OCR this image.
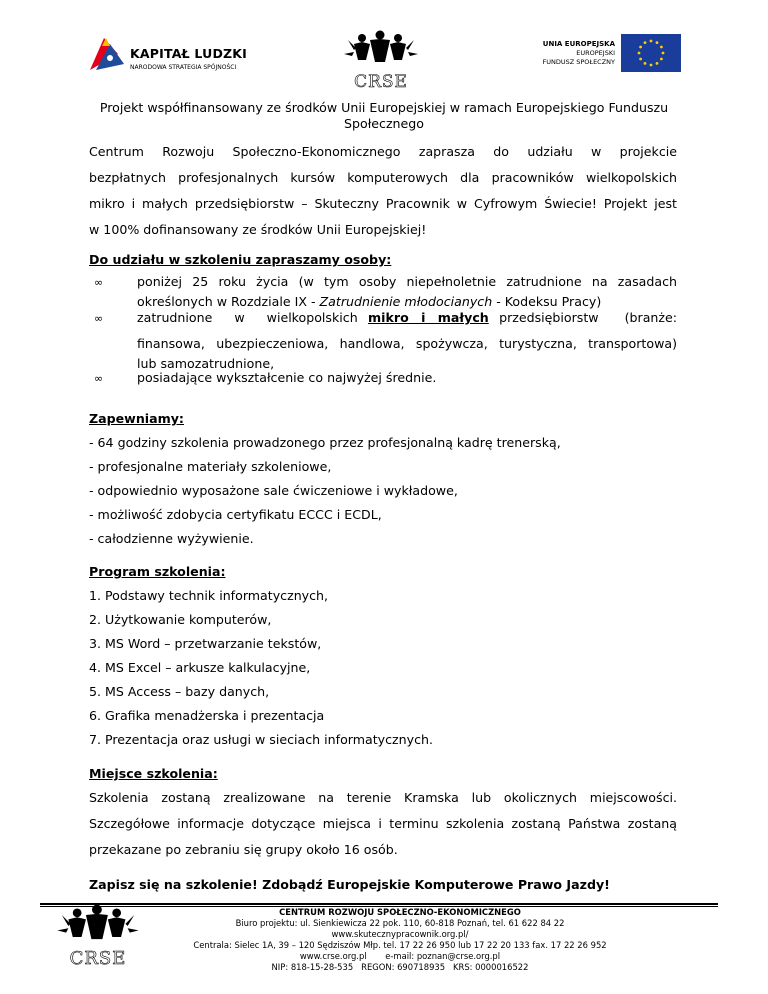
KAPITAŁ LUDZKI
NARODOWA STRATEGIA SPÓJNOŚCI
CRSE
UNIA EUROPEJSKA
EUROPEJSKI
FUNDUSZ SPOŁECZNY
Projekt współfinansowany ze środków Unii Europejskiej w ramach Europejskiego Funduszu
Społecznego
Centrum Rozwoju Społeczno-Ekonomicznego zaprasza do udziału w projekcie
bezpłatnych profesjonalnych kursów komputerowych dla pracowników wielkopolskich
mikro i małych przedsiębiorstw – Skuteczny Pracownik w Cyfrowym Świecie! Projekt jest
w 100% dofinansowany ze środków Unii Europejskiej!
Do udziału w szkoleniu zapraszamy osoby:
∞	poniżej 25 roku życia (w tym osoby niepełnoletnie zatrudnione na zasadach
określonych w Rozdziale IX - Zatrudnienie młodocianych - Kodeksu Pracy)
∞	zatrudnione w wielkopolskich mikro i małych przedsiębiorstw (branże:
finansowa, ubezpieczeniowa, handlowa, spożywcza, turystyczna, transportowa)
lub samozatrudnione,
∞	posiadające wykształcenie co najwyżej średnie.
Zapewniamy:
- 64 godziny szkolenia prowadzonego przez profesjonalną kadrę trenerską,
- profesjonalne materiały szkoleniowe,
- odpowiednio wyposażone sale ćwiczeniowe i wykładowe,
- możliwość zdobycia certyfikatu ECCC i ECDL,
- całodzienne wyżywienie.
Program szkolenia:
1. Podstawy technik informatycznych,
2. Użytkowanie komputerów,
3. MS Word – przetwarzanie tekstów,
4. MS Excel – arkusze kalkulacyjne,
5. MS Access – bazy danych,
6. Grafika menadżerska i prezentacja
7. Prezentacja oraz usługi w sieciach informatycznych.
Miejsce szkolenia:
Szkolenia zostaną zrealizowane na terenie Kramska lub okolicznych miejscowości.
Szczegółowe informacje dotyczące miejsca i terminu szkolenia zostaną Państwa zostaną
przekazane po zebraniu się grupy około 16 osób.
Zapisz się na szkolenie! Zdobądź Europejskie Komputerowe Prawo Jazdy!
CRSE
CENTRUM ROZWOJU SPOŁECZNO-EKONOMICZNEGO
Biuro projektu: ul. Sienkiewicza 22 pok. 110, 60-818 Poznań, tel. 61 622 84 22
www.skutecznypracownik.org.pl/
Centrala: Sielec 1A, 39 – 120 Sędziszów Młp. tel. 17 22 26 950 lub 17 22 20 133 fax. 17 22 26 952
www.crse.org.pl       e-mail: poznan@crse.org.pl
NIP: 818-15-28-535   REGON: 690718935   KRS: 0000016522
